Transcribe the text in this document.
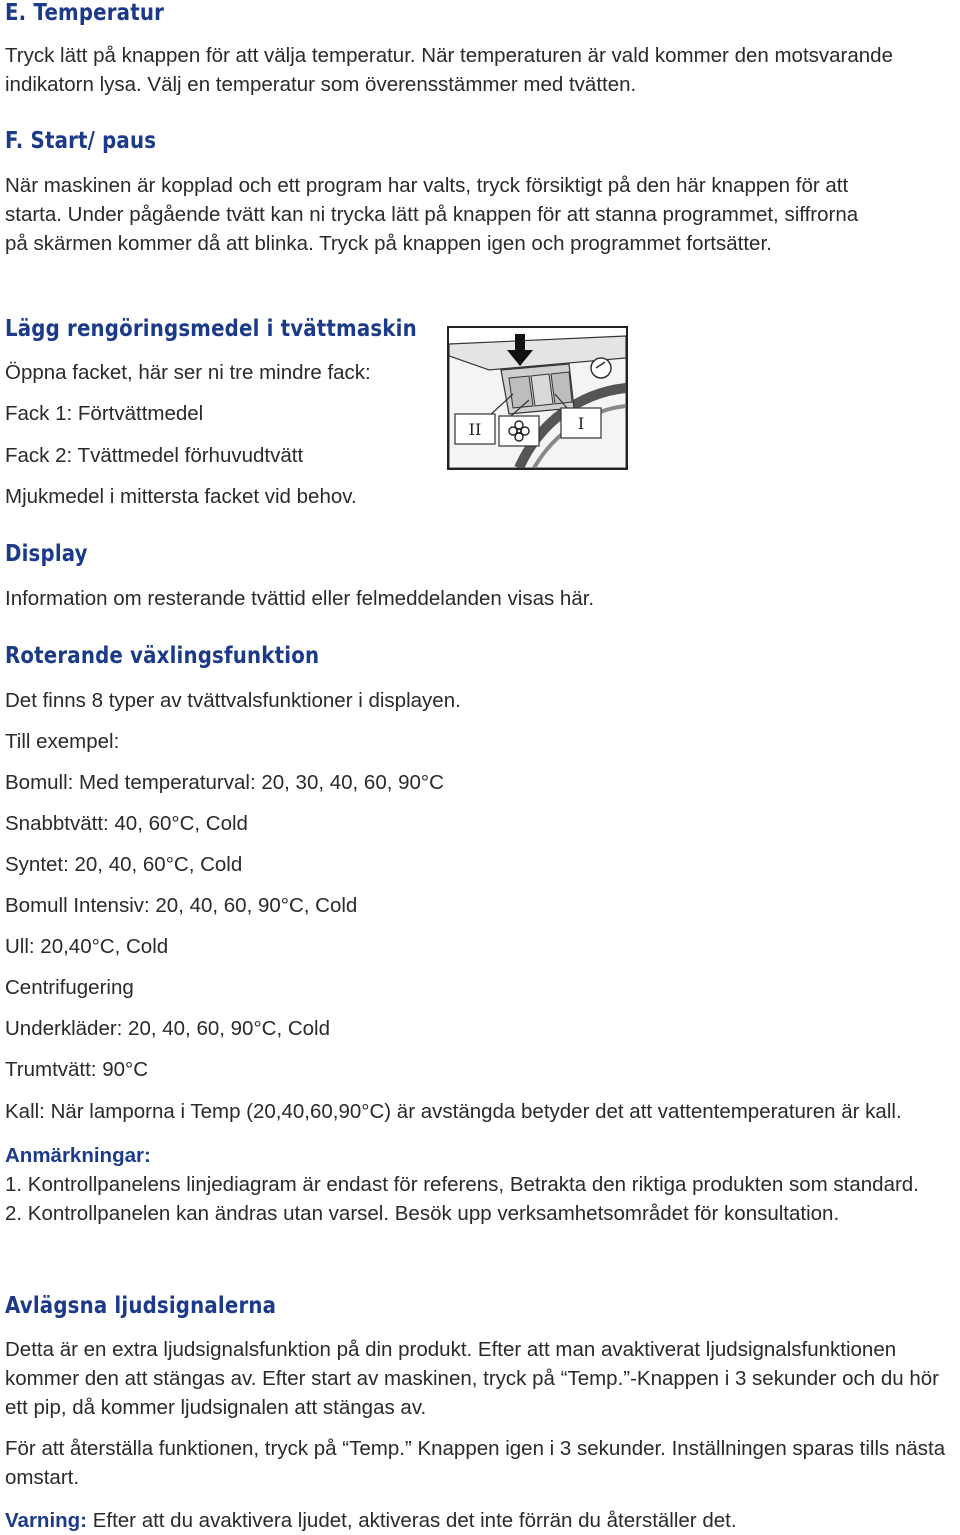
E. Temperatur

Tryck lätt på knappen för att välja temperatur. När temperaturen är vald kommer den motsvarande indikatorn lysa. Välj en temperatur som överensstämmer med tvätten.

F. Start/ paus

När maskinen är kopplad och ett program har valts, tryck försiktigt på den här knappen för att starta. Under pågående tvätt kan ni trycka lätt på knappen för att stanna programmet, siffrorna på skärmen kommer då att blinka. Tryck på knappen igen och programmet fortsätter.

Lägg rengöringsmedel i tvättmaskin

Öppna facket, här ser ni tre mindre fack:

Fack 1: Förtvättmedel

Fack 2: Tvättmedel förhuvudtvätt

Mjukmedel i mittersta facket vid behov.

Display

Information om resterande tvättid eller felmeddelanden visas här.

Roterande växlingsfunktion

Det finns 8 typer av tvättvalsfunktioner i displayen.

Till exempel:

Bomull: Med temperaturval: 20, 30, 40, 60, 90°C

Snabbtvätt: 40, 60°C, Cold

Syntet: 20, 40, 60°C, Cold

Bomull Intensiv: 20, 40, 60, 90°C, Cold

Ull: 20,40°C, Cold

Centrifugering

Underkläder: 20, 40, 60, 90°C, Cold

Trumtvätt: 90°C

Kall: När lamporna i Temp (20,40,60,90°C) är avstängda betyder det att vattentemperaturen är kall.

Anmärkningar:

1. Kontrollpanelens linjediagram är endast för referens, Betrakta den riktiga produkten som standard.

2. Kontrollpanelen kan ändras utan varsel. Besök upp verksamhetsområdet för konsultation.

Avlägsna ljudsignalerna

Detta är en extra ljudsignalsfunktion på din produkt. Efter att man avaktiverat ljudsignalsfunktionen kommer den att stängas av. Efter start av maskinen, tryck på “Temp.”-Knappen i 3 sekunder och du hör ett pip, då kommer ljudsignalen att stängas av.

För att återställa funktionen, tryck på “Temp.” Knappen igen i 3 sekunder. Inställningen sparas tills nästa omstart.

Varning: Efter att du avaktivera ljudet, aktiveras det inte förrän du återställer det.

II	I
